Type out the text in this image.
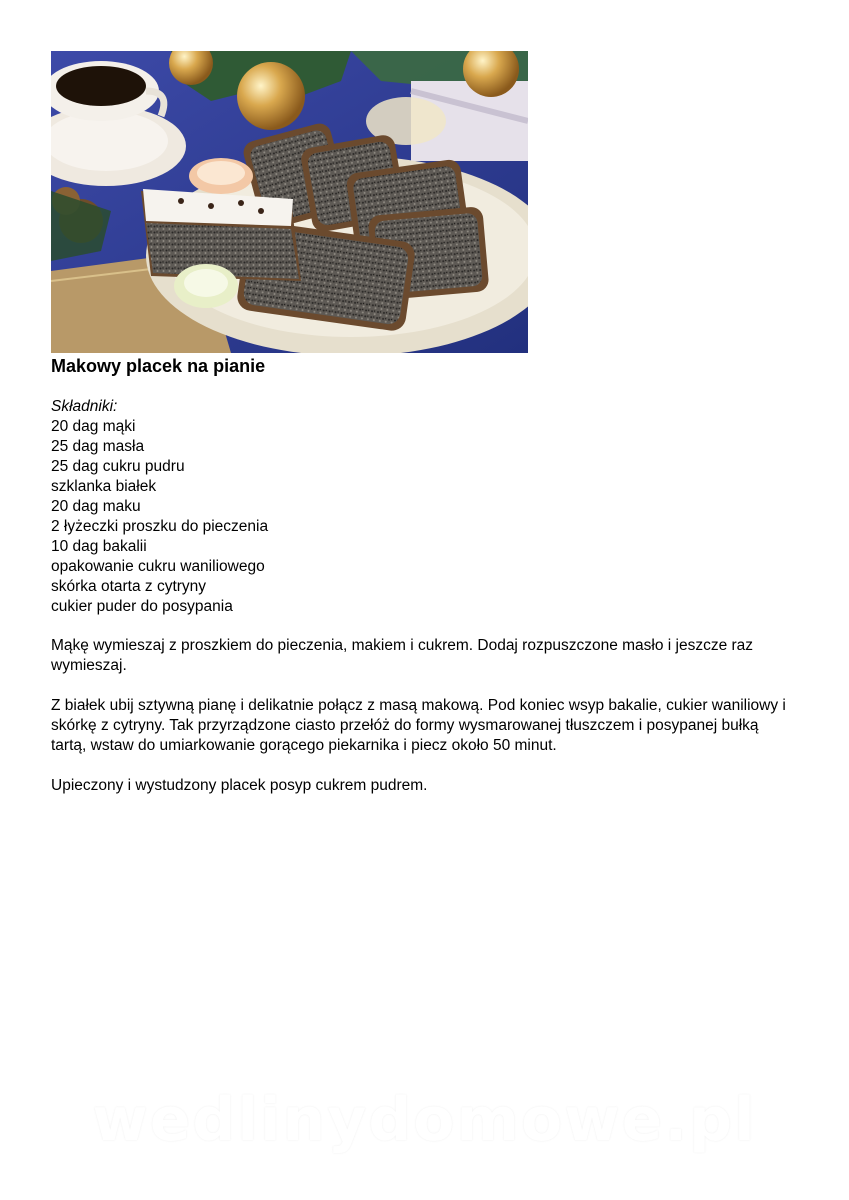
Makowy placek na pianie
Składniki:
20 dag mąki
25 dag masła
25 dag cukru pudru
szklanka białek
20 dag maku
2 łyżeczki proszku do pieczenia
10 dag bakalii
opakowanie cukru waniliowego
skórka otarta z cytryny
cukier puder do posypania

Mąkę wymieszaj z proszkiem do pieczenia, makiem i cukrem. Dodaj rozpuszczone masło i jeszcze raz wymieszaj.

Z białek ubij sztywną pianę i delikatnie połącz z masą makową. Pod koniec wsyp bakalie, cukier waniliowy i skórkę z cytryny. Tak przyrządzone ciasto przełóż do formy wysmarowanej tłuszczem i posypanej bułką tartą, wstaw do umiarkowanie gorącego piekarnika i piecz około 50 minut.

Upieczony i wystudzony placek posyp cukrem pudrem.

wedlinydomowe.pl
